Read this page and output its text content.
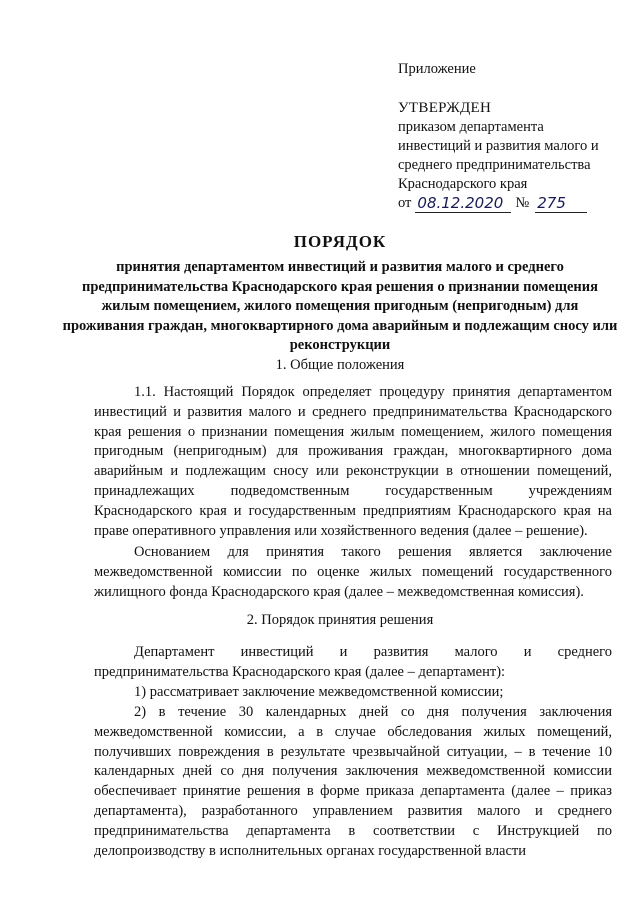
Приложение
УТВЕРЖДЕН
приказом департамента
инвестиций и развития малого и
среднего предпринимательства
Краснодарского края
от 08.12.2020 № 275
ПОРЯДОК
принятия департаментом инвестиций и развития малого и среднего предпринимательства Краснодарского края решения о признании помещения жилым помещением, жилого помещения пригодным (непригодным) для проживания граждан, многоквартирного дома аварийным и подлежащим сносу или реконструкции
1. Общие положения
1.1. Настоящий Порядок определяет процедуру принятия департаментом инвестиций и развития малого и среднего предпринимательства Краснодарского края решения о признании помещения жилым помещением, жилого помещения пригодным (непригодным) для проживания граждан, многоквартирного дома аварийным и подлежащим сносу или реконструкции в отношении помещений, принадлежащих подведомственным государственным учреждениям Краснодарского края и государственным предприятиям Краснодарского края на праве оперативного управления или хозяйственного ведения (далее – решение).
Основанием для принятия такого решения является заключение межведомственной комиссии по оценке жилых помещений государственного жилищного фонда Краснодарского края (далее – межведомственная комиссия).
2. Порядок принятия решения
Департамент инвестиций и развития малого и среднего предпринимательства Краснодарского края (далее – департамент):
1) рассматривает заключение межведомственной комиссии;
2) в течение 30 календарных дней со дня получения заключения межведомственной комиссии, а в случае обследования жилых помещений, получивших повреждения в результате чрезвычайной ситуации, – в течение 10 календарных дней со дня получения заключения межведомственной комиссии обеспечивает принятие решения в форме приказа департамента (далее – приказ департамента), разработанного управлением развития малого и среднего предпринимательства департамента в соответствии с Инструкцией по делопроизводству в исполнительных органах государственной власти
